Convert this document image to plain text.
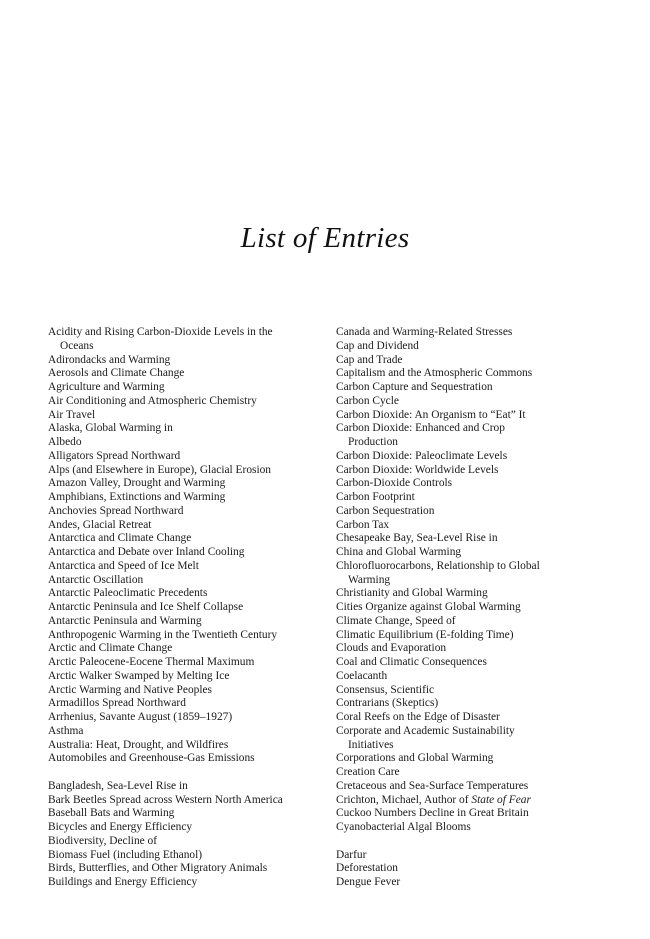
List of Entries
Acidity and Rising Carbon-Dioxide Levels in the
Oceans
Adirondacks and Warming
Aerosols and Climate Change
Agriculture and Warming
Air Conditioning and Atmospheric Chemistry
Air Travel
Alaska, Global Warming in
Albedo
Alligators Spread Northward
Alps (and Elsewhere in Europe), Glacial Erosion
Amazon Valley, Drought and Warming
Amphibians, Extinctions and Warming
Anchovies Spread Northward
Andes, Glacial Retreat
Antarctica and Climate Change
Antarctica and Debate over Inland Cooling
Antarctica and Speed of Ice Melt
Antarctic Oscillation
Antarctic Paleoclimatic Precedents
Antarctic Peninsula and Ice Shelf Collapse
Antarctic Peninsula and Warming
Anthropogenic Warming in the Twentieth Century
Arctic and Climate Change
Arctic Paleocene-Eocene Thermal Maximum
Arctic Walker Swamped by Melting Ice
Arctic Warming and Native Peoples
Armadillos Spread Northward
Arrhenius, Savante August (1859–1927)
Asthma
Australia: Heat, Drought, and Wildfires
Automobiles and Greenhouse-Gas Emissions
Bangladesh, Sea-Level Rise in
Bark Beetles Spread across Western North America
Baseball Bats and Warming
Bicycles and Energy Efficiency
Biodiversity, Decline of
Biomass Fuel (including Ethanol)
Birds, Butterflies, and Other Migratory Animals
Buildings and Energy Efficiency
Canada and Warming-Related Stresses
Cap and Dividend
Cap and Trade
Capitalism and the Atmospheric Commons
Carbon Capture and Sequestration
Carbon Cycle
Carbon Dioxide: An Organism to “Eat” It
Carbon Dioxide: Enhanced and Crop
Production
Carbon Dioxide: Paleoclimate Levels
Carbon Dioxide: Worldwide Levels
Carbon-Dioxide Controls
Carbon Footprint
Carbon Sequestration
Carbon Tax
Chesapeake Bay, Sea-Level Rise in
China and Global Warming
Chlorofluorocarbons, Relationship to Global
Warming
Christianity and Global Warming
Cities Organize against Global Warming
Climate Change, Speed of
Climatic Equilibrium (E-folding Time)
Clouds and Evaporation
Coal and Climatic Consequences
Coelacanth
Consensus, Scientific
Contrarians (Skeptics)
Coral Reefs on the Edge of Disaster
Corporate and Academic Sustainability
Initiatives
Corporations and Global Warming
Creation Care
Cretaceous and Sea-Surface Temperatures
Crichton, Michael, Author of State of Fear
Cuckoo Numbers Decline in Great Britain
Cyanobacterial Algal Blooms
Darfur
Deforestation
Dengue Fever
